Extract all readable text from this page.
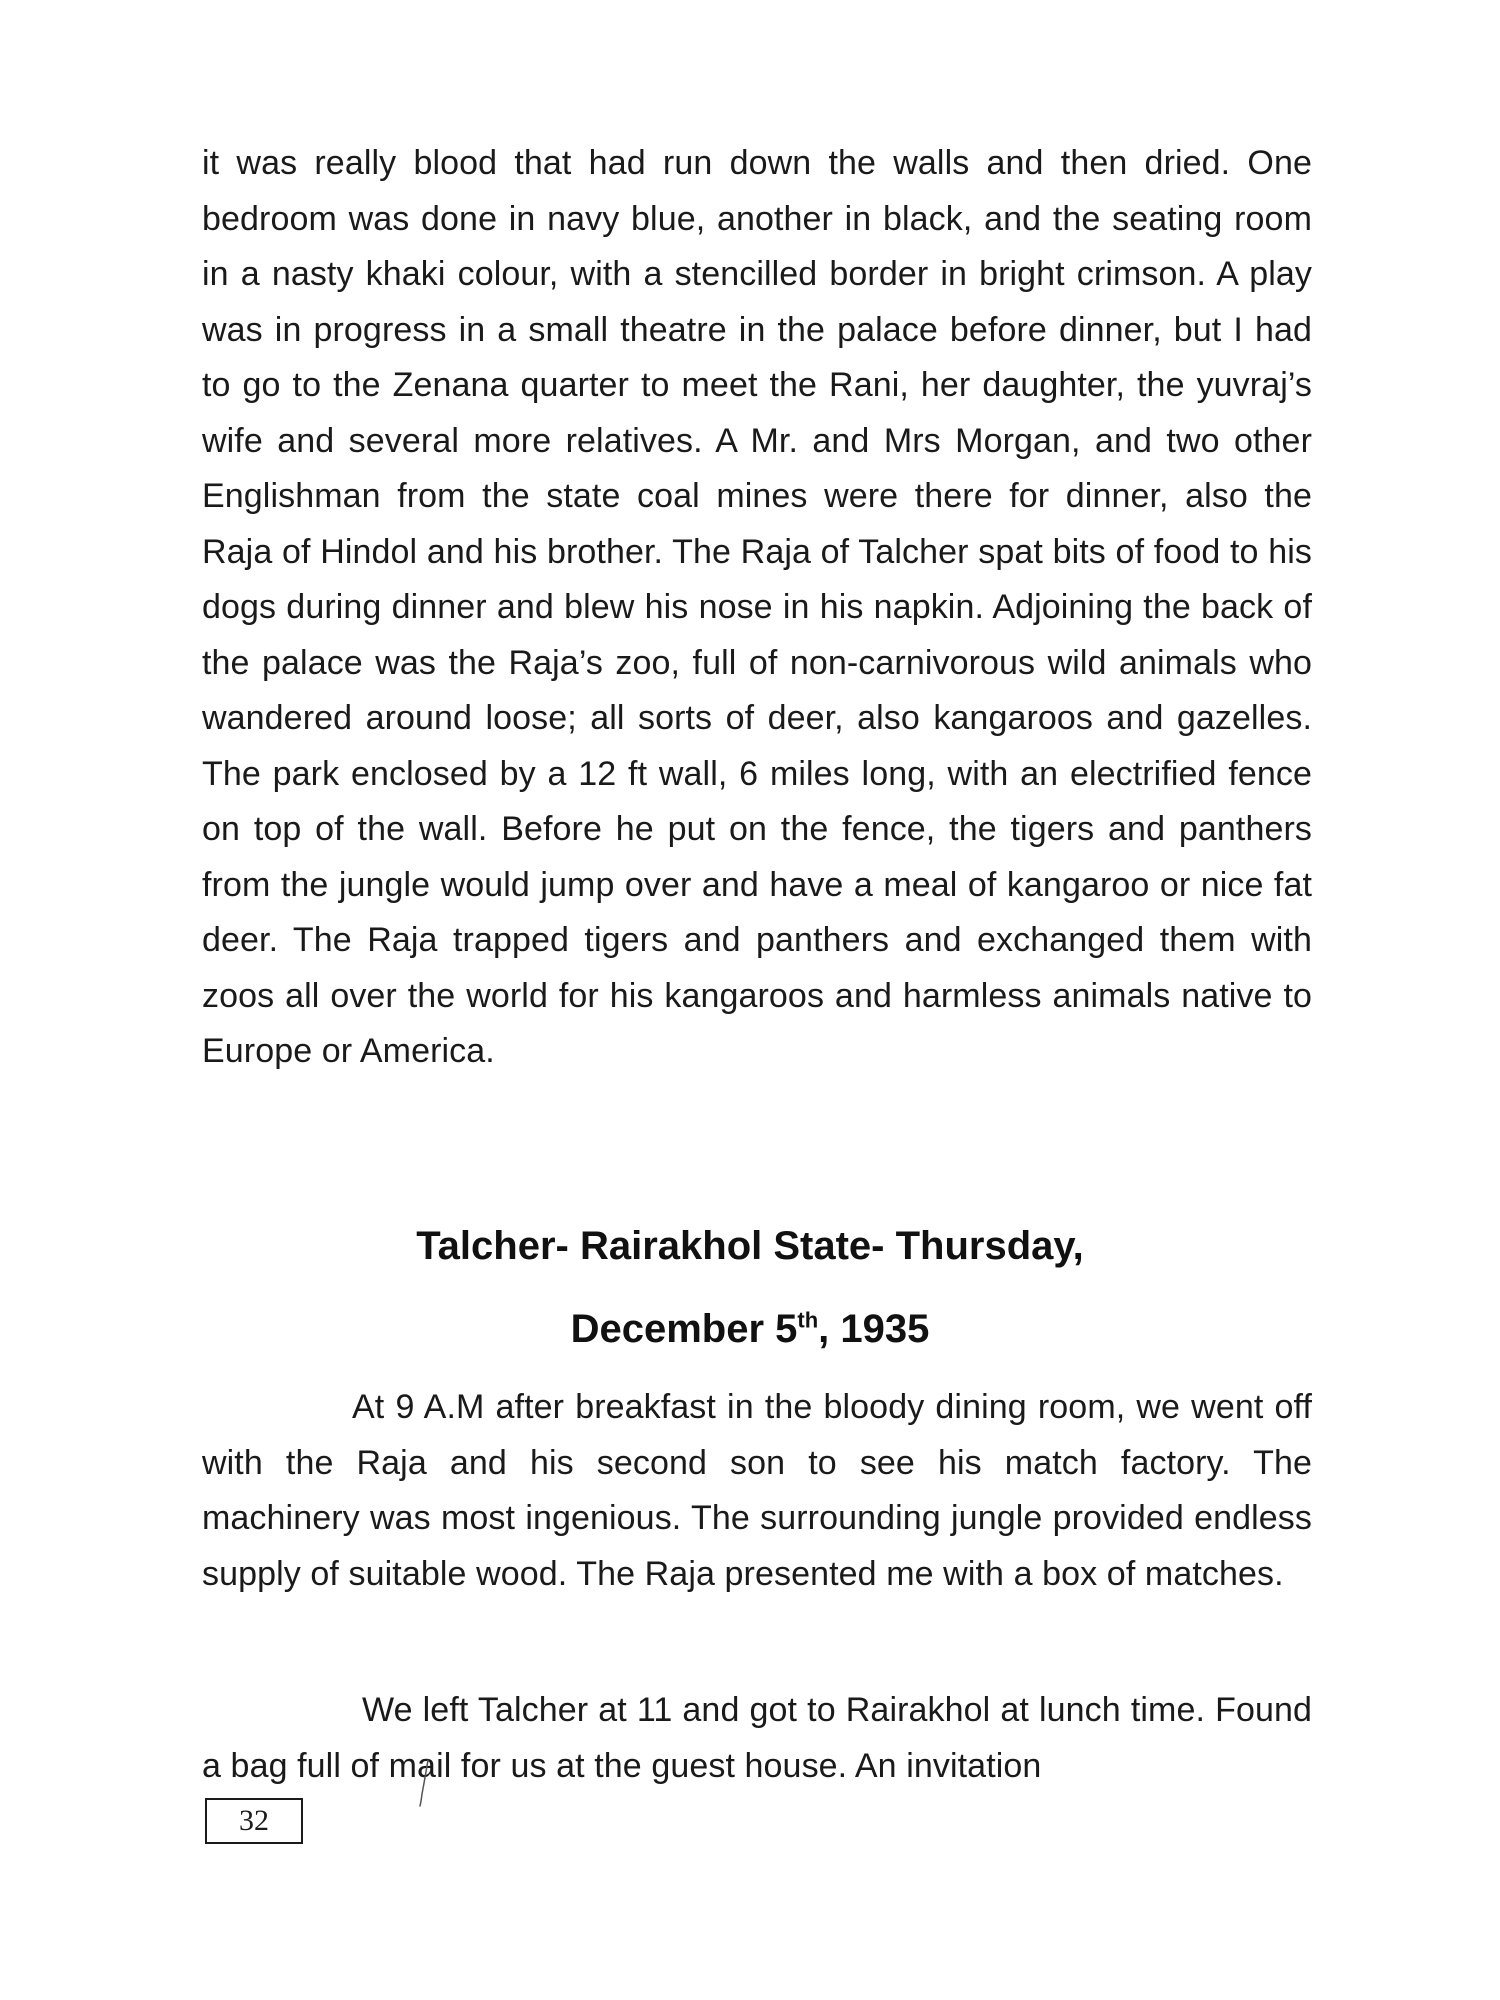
it was really blood that had run down the walls and then dried. One bedroom was done in navy blue, another in black, and the seating room in a nasty khaki colour, with a stencilled border in bright crimson. A play was in progress in a small theatre in the palace before dinner, but I had to go to the Zenana quarter to meet the Rani, her daughter, the yuvraj’s wife and several more relatives. A Mr. and Mrs Morgan, and two other Englishman from the state coal mines were there for dinner, also the Raja of Hindol and his brother. The Raja of Talcher spat bits of food to his dogs during dinner and blew his nose in his napkin. Adjoining the back of the palace was the Raja’s zoo, full of non-carnivorous wild animals who wandered around loose; all sorts of deer, also kangaroos and gazelles. The park enclosed by a 12 ft wall, 6 miles long, with an electrified fence on top of the wall. Before he put on the fence, the tigers and panthers from the jungle would jump over and have a meal of kangaroo or nice fat deer. The Raja trapped tigers and panthers and exchanged them with zoos all over the world for his kangaroos and harmless animals native to Europe or America.

Talcher- Rairakhol State- Thursday,
December 5th, 1935

At 9 A.M after breakfast in the bloody dining room, we went off with the Raja and his second son to see his match factory. The machinery was most ingenious. The surrounding jungle provided endless supply of suitable wood. The Raja presented me with a box of matches.

We left Talcher at 11 and got to Rairakhol at lunch time. Found a bag full of mail for us at the guest house. An invitation

32
